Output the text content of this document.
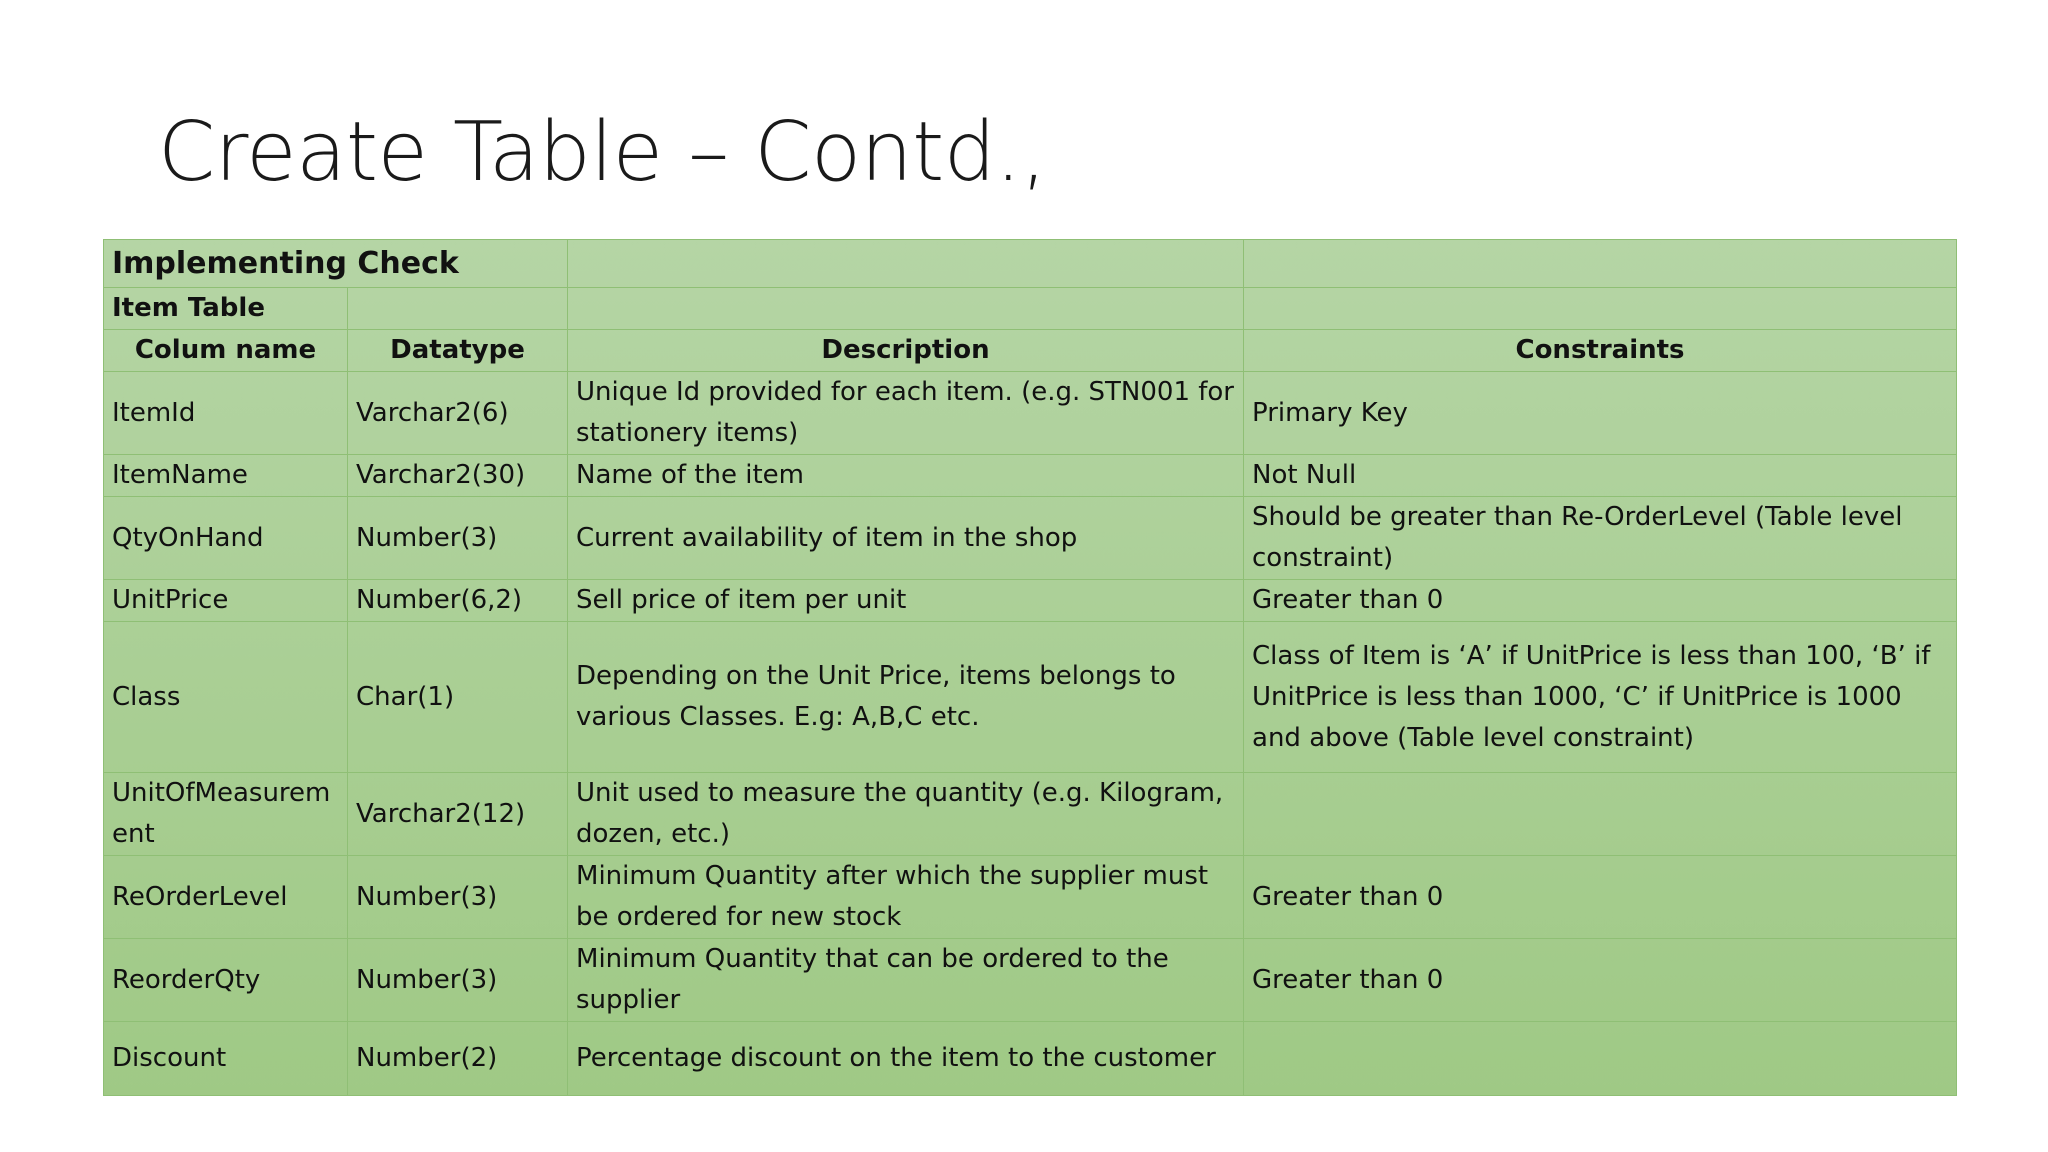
Create Table – Contd.,
Implementing Check			
Item Table			
Colum name	Datatype	Description	Constraints
ItemId	Varchar2(6)	Unique Id provided for each item. (e.g. STN001 for stationery items)	Primary Key
ItemName	Varchar2(30)	Name of the item	Not Null
QtyOnHand	Number(3)	Current availability of item in the shop	Should be greater than Re-OrderLevel (Table level constraint)
UnitPrice	Number(6,2)	Sell price of item per unit	Greater than 0
Class	Char(1)	Depending on the Unit Price, items belongs to various Classes. E.g: A,B,C etc.	Class of Item is ‘A’ if UnitPrice is less than 100, ‘B’ if UnitPrice is less than 1000, ‘C’ if UnitPrice is 1000 and above (Table level constraint)
UnitOfMeasurement	Varchar2(12)	Unit used to measure the quantity (e.g. Kilogram, dozen, etc.)	
ReOrderLevel	Number(3)	Minimum Quantity after which the supplier must be ordered for new stock	Greater than 0
ReorderQty	Number(3)	Minimum Quantity that can be ordered to the supplier	Greater than 0
Discount	Number(2)	Percentage discount on the item to the customer	
